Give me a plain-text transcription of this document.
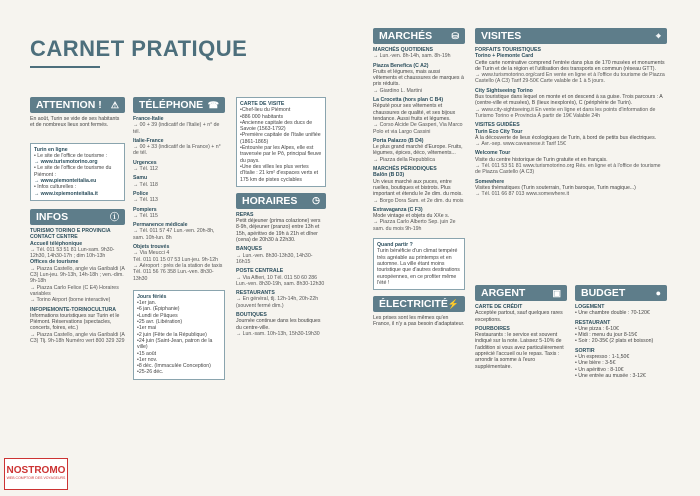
CARNET PRATIQUE
ATTENTION ! ⚠

En août, Turin se vide de ses habitants et de nombreux lieux sont fermés.

Turin en ligne

• Le site de l'office de tourisme :

→ www.turismotorino.org

• Le site de l'office de tourisme du Piémont :

→ www.piemonteitalia.eu

• Infos culturelles :

→ www.ixpiemonteitalia.it

INFOS	ⓘ

TURISMO TORINO E PROVINCIA CONTACT CENTRE

Accueil téléphonique

→ Tél. 011 53 51 81 Lun-sam. 9h30-12h30, 14h30-17h ; dim 10h-13h

Offices de tourisme

→ Piazza Castello, angle via Garibaldi (A C3) Lun-jeu. 9h-13h, 14h-18h ; ven.-dim. 9h-18h

→ Piazza Carlo Felice (C E4) Horaires variables

→ Torino Airport (borne interactive)

INFOPIEMONTE-TORINOCULTURA

Informations touristiques sur Turin et le Piémont. Réservations (spectacles, concerts, foires, etc.)

→ Piazza Castello, angle via Garibaldi (A C3) Tlj. 9h-18h Numéro vert 800 329 329

TÉLÉPHONE ☎

France-Italie

→ 00 + 39 (indicatif de l'Italie) + n° de tél.

Italie-France

→ 00 + 33 (indicatif de la France) + n° de tél.

Urgences

→ Tél. 112

Samu

→ Tél. 118

Police

→ Tél. 113

Pompiers

→ Tél. 115

Permanence médicale

→ Tél. 011 57 47 Lun.-ven. 20h-8h, sam. 10h-lun. 8h

Objets trouvés

→ Via Meucci 4

Tél. 011 01 15 07 53 Lun-jeu. 9h-12h

→ Aéroport : près de la station de taxis Tél. 011 56 76 358 Lun.-ven. 8h30-13h30

Jours fériés

•1er jan.

•6 jan. (Épiphanie)

•Lundi de Pâques

•25 avr. (Libération)

•1er mai

•2 juin (Fête de la République)

•24 juin (Saint-Jean, patron de la ville)

•15 août

•1er nov.

•8 déc. (Immaculée Conception)

•25-26 déc.

CARTE DE VISITE

•Chef-lieu du Piémont

•886 000 habitants

•Ancienne capitale des ducs de Savoie (1563-1792)

•Première capitale de l'Italie unifiée (1861-1865)

•Entourée par les Alpes, elle est traversée par le Pô, principal fleuve du pays.

•Une des villes les plus vertes d'Italie : 21 km² d'espaces verts et 175 km de pistes cyclables

HORAIRES ◷

REPAS

Petit déjeuner (prima colazione) vers 8-9h, déjeuner (pranzo) entre 13h et 15h, apéritivo de 19h à 21h et dîner (cena) de 20h30 à 22h30.

BANQUES

→ Lun.-ven. 8h30-13h30, 14h30-16h15

POSTE CENTRALE

→ Via Alfieri, 10 Tél. 011 50 60 286 Lun.-ven. 8h30-19h, sam. 8h30-12h30

RESTAURANTS

→ En général, tlj. 12h-14h, 20h-22h (souvent fermé dim.)

BOUTIQUES

Journée continue dans les boutiques du centre-ville.

→ Lun.-sam. 10h-13h, 15h30-19h30

MARCHÉS ⛁

MARCHÉS QUOTIDIENS

→ Lun.-ven. 8h-14h, sam. 8h-19h

Piazza Benefica (C A2)

Fruits et légumes, mais aussi vêtements et chaussures de marques à prix réduits.

→ Giardino L. Martini

La Crocetta (hors plan C B4)

Réputé pour ses vêtements et chaussures de qualité, et ses bijoux tendance. Aussi fruits et légumes.

→ Corso Alcide De Gasperi, Via Marco Polo et via Largo Cassini

Porta Palazzo (B D4)

Le plus grand marché d'Europe. Fruits, légumes, épices, déco, vêtements...

→ Piazza della Repubblica

MARCHÉS PÉRIODIQUES

Balôn (B D3)

Un vieux marché aux puces, entre ruelles, boutiques et bistrots. Plus important et étendu le 2e dim. du mois.

→ Borgo Dora Sam. et 2e dim. du mois

Extravaganza (C F3)

Mode vintage et objets du XXe s.

→ Piazza Carlo Alberto Sep. juin 2e sam. du mois 9h-19h

Quand partir ?

Turin bénéficie d'un climat tempéré très agréable au printemps et en automne. La ville étant moins touristique que d'autres destinations européennes, en ce profiter même l'été !

ÉLECTRICITÉ ⚡

Les prises sont les mêmes qu'en France, il n'y a pas besoin d'adaptateur.

VISITES	⌖

FORFAITS TOURISTIQUES

Torino + Piemonte Card

Cette carte nominative comprend l'entrée dans plus de 170 musées et monuments de Turin et de la région et l'utilisation des transports en commun (réseau GTT).

→ www.turismotorino.org/card En vente en ligne et à l'office du tourisme de Piazza Castello (A C3) Tarif 29-50€ Carte valable de 1 à 5 jours.

City Sightseeing Torino

Bus touristique dans lequel on monte et on descend à sa guise. Trois parcours : A (centre-ville et musées), B (lieux inexplorés), C (périphérie de Turin).

→ www.city-sightseeing.it En vente en ligne et dans les points d'information de Turismo Torino e Provincia À partir de 19€ Valable 24h

VISITES GUIDÉES

Turin Eco City Tour

À la découverte de lieux écologiques de Turin, à bord de petits bus électriques.

→ Avr.-sep. www.caveanese.it Tarif 15€

Welcome Tour

Visite du centre historique de Turin gratuite et en français.

→ Tél. 011 53 51 81 www.turismotorino.org Rés. en ligne et à l'office de tourisme de Piazza Castello (A C3)

Somewhere

Visites thématiques (Turin souterrain, Turin baroque, Turin magique...)

→ Tél. 011 66 87 013 www.somewhere.it

ARGENT	▣

CARTE DE CRÉDIT

Acceptée partout, sauf quelques rares exceptions.

POURBOIRES

Restaurants : le service est souvent indiqué sur la note. Laissez 5-10% de l'addition si vous avez particulièrement apprécié l'accueil ou le repas. Taxis : arrondir la somme à l'euro supplémentaire.

BUDGET	●

LOGEMENT

• Une chambre double : 70-120€

RESTAURANT

• Une pizza : 6-10€

• Midi : menu du jour 8-15€

• Soir : 20-35€ (2 plats et boisson)

SORTIR

• Un espresso : 1-1,50€

• Une bière : 3-5€

• Un apéritivo : 8-10€

• Une entrée au musée : 3-12€

NOSTROMO
WEB COMPTOIR DES VOYAGEURS
